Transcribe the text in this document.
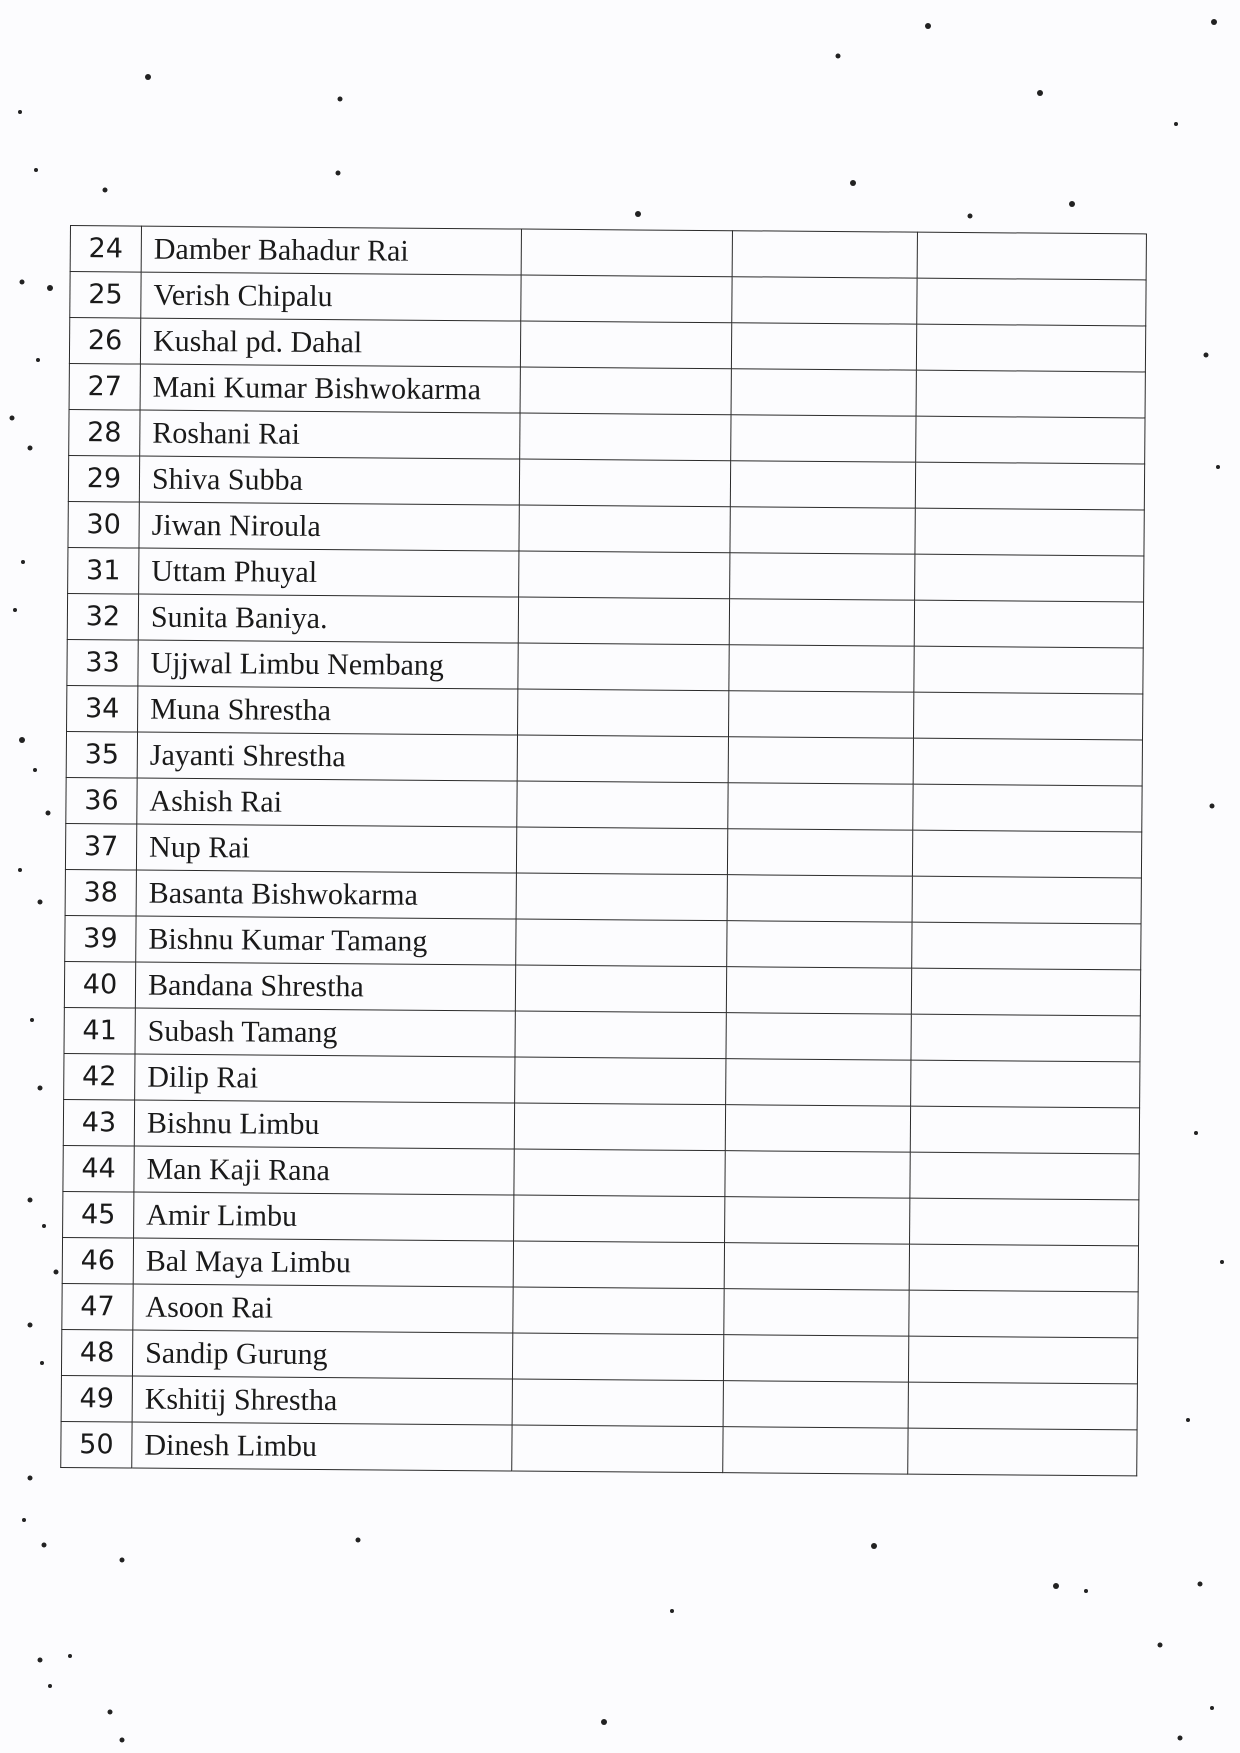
24	Damber Bahadur Rai			
25	Verish Chipalu			
26	Kushal pd. Dahal			
27	Mani Kumar Bishwokarma			
28	Roshani Rai			
29	Shiva Subba			
30	Jiwan Niroula			
31	Uttam Phuyal			
32	Sunita Baniya.			
33	Ujjwal Limbu Nembang			
34	Muna Shrestha			
35	Jayanti Shrestha			
36	Ashish Rai			
37	Nup Rai			
38	Basanta Bishwokarma			
39	Bishnu Kumar Tamang			
40	Bandana Shrestha			
41	Subash Tamang			
42	Dilip Rai			
43	Bishnu Limbu			
44	Man Kaji Rana			
45	Amir Limbu			
46	Bal Maya Limbu			
47	Asoon Rai			
48	Sandip Gurung			
49	Kshitij Shrestha			
50	Dinesh Limbu			
